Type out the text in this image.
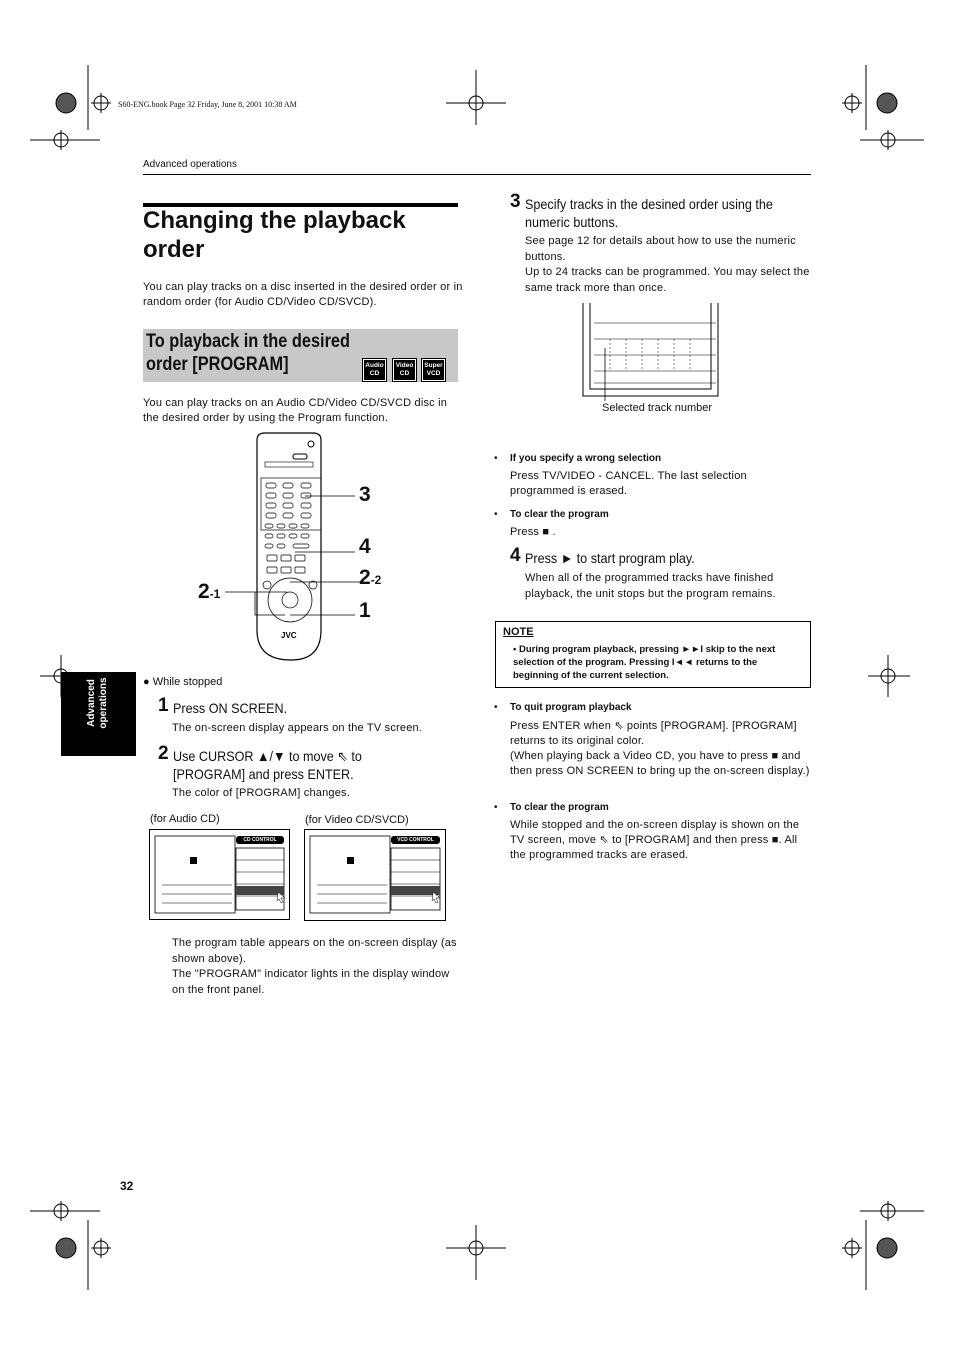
S60-ENG.book Page 32 Friday, June 8, 2001 10:38 AM
Advanced operations
Changing the playback order
You can play tracks on a disc inserted in the desired order or in random order (for Audio CD/Video CD/SVCD).
To playback in the desired order [PROGRAM]	Audio
CD
Video
CD
Super
VCD
You can play tracks on an Audio CD/Video CD/SVCD disc in the desired order by using the Program function.
JVC
3
4
2-2
1
2-1
● While stopped
1 Press ON SCREEN.
The on-screen display appears on the TV screen.
2 Use CURSOR ▲/▼ to move ⇖ to [PROGRAM] and press ENTER.
The color of [PROGRAM] changes.
(for Audio CD)	(for Video CD/SVCD)
CD CONTROL	VCD CONTROL
The program table appears on the on-screen display (as shown above).
The "PROGRAM" indicator lights in the display window on the front panel.
Advanced operations
32
3 Specify tracks in the desined order using the numeric buttons.
See page 12 for details about how to use the numeric buttons.
Up to 24 tracks can be programmed. You may select the same track more than once.
Selected track number
• If you specify a wrong selection
Press TV/VIDEO - CANCEL. The last selection programmed is erased.
• To clear the program
Press ■ .
4 Press ► to start program play.
When all of the programmed tracks have finished playback, the unit stops but the program remains.
NOTE
• During program playback, pressing ►►I skip to the next selection of the program. Pressing I◄◄ returns to the beginning of the current selection.
• To quit program playback
Press ENTER when ⇖ points [PROGRAM]. [PROGRAM] returns to its original color.
(When playing back a Video CD, you have to press ■ and then press ON SCREEN to bring up the on-screen display.)
• To clear the program
While stopped and the on-screen display is shown on the TV screen, move ⇖ to [PROGRAM] and then press ■. All the programmed tracks are erased.
